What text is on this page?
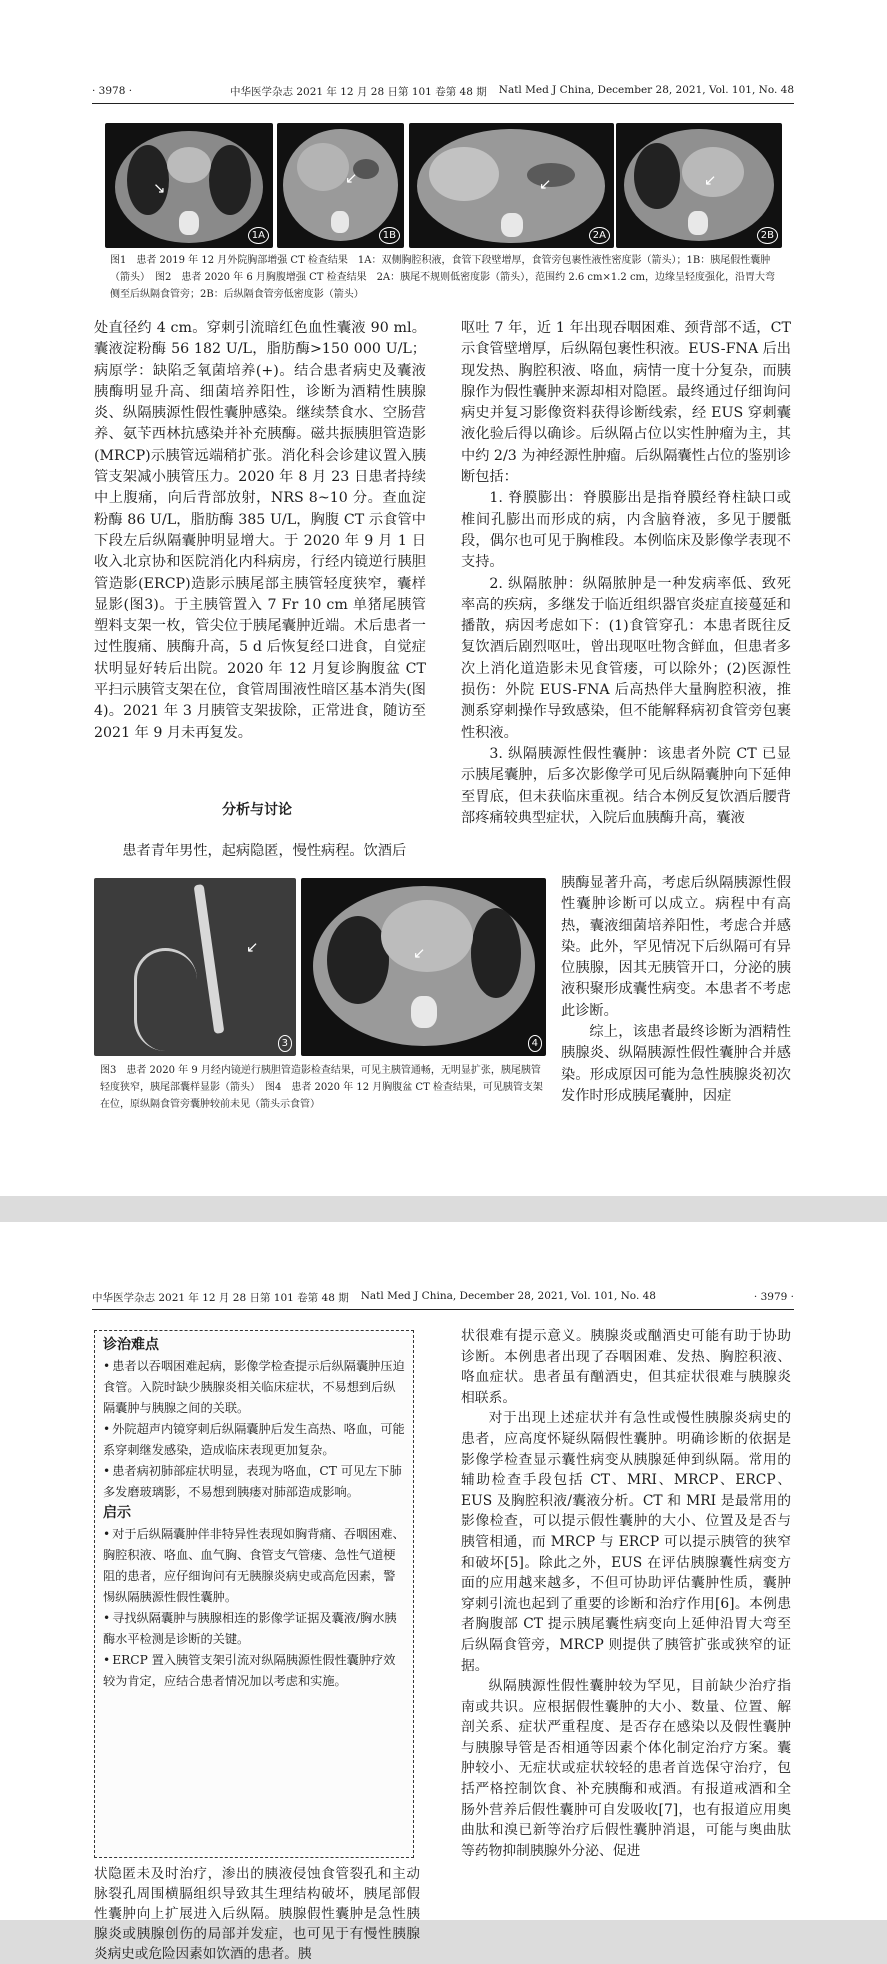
· 3978 ·	中华医学杂志 2021 年 12 月 28 日第 101 卷第 48 期 Natl Med J China, December 28, 2021, Vol. 101, No. 48
↘
1A
↙
1B
↙
2A
↙
2B
图1　患者 2019 年 12 月外院胸部增强 CT 检查结果　1A：双侧胸腔积液，食管下段壁增厚，食管旁包裹性液性密度影（箭头）；1B：胰尾假性囊肿（箭头）　图2　患者 2020 年 6 月胸腹增强 CT 检查结果　2A：胰尾不规则低密度影（箭头），范围约 2.6 cm×1.2 cm，边缘呈轻度强化，沿胃大弯侧至后纵隔食管旁；2B：后纵隔食管旁低密度影（箭头）

处直径约 4 cm。穿刺引流暗红色血性囊液 90 ml。囊液淀粉酶 56 182 U/L，脂肪酶>150 000 U/L；病原学：缺陷乏氧菌培养(+)。结合患者病史及囊液胰酶明显升高、细菌培养阳性，诊断为酒精性胰腺炎、纵隔胰源性假性囊肿感染。继续禁食水、空肠营养、氨苄西林抗感染并补充胰酶。磁共振胰胆管造影(MRCP)示胰管远端稍扩张。消化科会诊建议置入胰管支架减小胰管压力。2020 年 8 月 23 日患者持续中上腹痛，向后背部放射，NRS 8~10 分。查血淀粉酶 86 U/L，脂肪酶 385 U/L，胸腹 CT 示食管中下段左后纵隔囊肿明显增大。于 2020 年 9 月 1 日收入北京协和医院消化内科病房，行经内镜逆行胰胆管造影(ERCP)造影示胰尾部主胰管轻度狭窄，囊样显影(图3)。于主胰管置入 7 Fr 10 cm 单猪尾胰管塑料支架一枚，管尖位于胰尾囊肿近端。术后患者一过性腹痛、胰酶升高，5 d 后恢复经口进食，自觉症状明显好转后出院。2020 年 12 月复诊胸腹盆 CT 平扫示胰管支架在位，食管周围液性暗区基本消失(图4)。2021 年 3 月胰管支架拔除，正常进食，随访至 2021 年 9 月未再复发。

分析与讨论

患者青年男性，起病隐匿，慢性病程。饮酒后

呕吐 7 年，近 1 年出现吞咽困难、颈背部不适，CT 示食管壁增厚，后纵隔包裹性积液。EUS-FNA 后出现发热、胸腔积液、咯血，病情一度十分复杂，而胰腺作为假性囊肿来源却相对隐匿。最终通过仔细询问病史并复习影像资料获得诊断线索，经 EUS 穿刺囊液化验后得以确诊。后纵隔占位以实性肿瘤为主，其中约 2/3 为神经源性肿瘤。后纵隔囊性占位的鉴别诊断包括：

1. 脊膜膨出：脊膜膨出是指脊膜经脊柱缺口或椎间孔膨出而形成的病，内含脑脊液，多见于腰骶段，偶尔也可见于胸椎段。本例临床及影像学表现不支持。

2. 纵隔脓肿：纵隔脓肿是一种发病率低、致死率高的疾病，多继发于临近组织器官炎症直接蔓延和播散，病因考虑如下：(1)食管穿孔：本患者既往反复饮酒后剧烈呕吐，曾出现呕吐物含鲜血，但患者多次上消化道造影未见食管瘘，可以除外；(2)医源性损伤：外院 EUS-FNA 后高热伴大量胸腔积液，推测系穿刺操作导致感染，但不能解释病初食管旁包裹性积液。

3. 纵隔胰源性假性囊肿：该患者外院 CT 已显示胰尾囊肿，后多次影像学可见后纵隔囊肿向下延伸至胃底，但未获临床重视。结合本例反复饮酒后腰背部疼痛较典型症状，入院后血胰酶升高，囊液

胰酶显著升高，考虑后纵隔胰源性假性囊肿诊断可以成立。病程中有高热，囊液细菌培养阳性，考虑合并感染。此外，罕见情况下后纵隔可有异位胰腺，因其无胰管开口，分泌的胰液积聚形成囊性病变。本患者不考虑此诊断。

综上，该患者最终诊断为酒精性胰腺炎、纵隔胰源性假性囊肿合并感染。形成原因可能为急性胰腺炎初次发作时形成胰尾囊肿，因症

↙
3
↙
4
图3　患者 2020 年 9 月经内镜逆行胰胆管造影检查结果，可见主胰管通畅，无明显扩张，胰尾胰管轻度狭窄，胰尾部囊样显影（箭头）　图4　患者 2020 年 12 月胸腹盆 CT 检查结果，可见胰管支架在位，原纵隔食管旁囊肿较前未见（箭头示食管）
中华医学杂志 2021 年 12 月 28 日第 101 卷第 48 期 Natl Med J China, December 28, 2021, Vol. 101, No. 48	· 3979 ·
诊治难点
• 患者以吞咽困难起病，影像学检查提示后纵隔囊肿压迫食管。入院时缺少胰腺炎相关临床症状，不易想到后纵隔囊肿与胰腺之间的关联。
• 外院超声内镜穿刺后纵隔囊肿后发生高热、咯血，可能系穿刺继发感染，造成临床表现更加复杂。
• 患者病初肺部症状明显，表现为咯血，CT 可见左下肺多发磨玻璃影，不易想到胰瘘对肺部造成影响。
启示
• 对于后纵隔囊肿伴非特异性表现如胸背痛、吞咽困难、胸腔积液、咯血、血气胸、食管支气管瘘、急性气道梗阻的患者，应仔细询问有无胰腺炎病史或高危因素，警惕纵隔胰源性假性囊肿。
• 寻找纵隔囊肿与胰腺相连的影像学证据及囊液/胸水胰酶水平检测是诊断的关键。
• ERCP 置入胰管支架引流对纵隔胰源性假性囊肿疗效较为肯定，应结合患者情况加以考虑和实施。

状隐匿未及时治疗，渗出的胰液侵蚀食管裂孔和主动脉裂孔周围横膈组织导致其生理结构破坏，胰尾部假性囊肿向上扩展进入后纵隔。胰腺假性囊肿是急性胰腺炎或胰腺创伤的局部并发症，也可见于有慢性胰腺炎病史或危险因素如饮酒的患者。胰

状很难有提示意义。胰腺炎或酗酒史可能有助于协助诊断。本例患者出现了吞咽困难、发热、胸腔积液、咯血症状。患者虽有酗酒史，但其症状很难与胰腺炎相联系。

对于出现上述症状并有急性或慢性胰腺炎病史的患者，应高度怀疑纵隔假性囊肿。明确诊断的依据是影像学检查显示囊性病变从胰腺延伸到纵隔。常用的辅助检查手段包括 CT、MRI、MRCP、ERCP、EUS 及胸腔积液/囊液分析。CT 和 MRI 是最常用的影像检查，可以提示假性囊肿的大小、位置及是否与胰管相通，而 MRCP 与 ERCP 可以提示胰管的狭窄和破坏[5]。除此之外，EUS 在评估胰腺囊性病变方面的应用越来越多，不但可协助评估囊肿性质，囊肿穿刺引流也起到了重要的诊断和治疗作用[6]。本例患者胸腹部 CT 提示胰尾囊性病变向上延伸沿胃大弯至后纵隔食管旁，MRCP 则提供了胰管扩张或狭窄的证据。

纵隔胰源性假性囊肿较为罕见，目前缺少治疗指南或共识。应根据假性囊肿的大小、数量、位置、解剖关系、症状严重程度、是否存在感染以及假性囊肿与胰腺导管是否相通等因素个体化制定治疗方案。囊肿较小、无症状或症状较轻的患者首选保守治疗，包括严格控制饮食、补充胰酶和戒酒。有报道戒酒和全肠外营养后假性囊肿可自发吸收[7]，也有报道应用奥曲肽和溴已新等治疗后假性囊肿消退，可能与奥曲肽等药物抑制胰腺外分泌、促进
